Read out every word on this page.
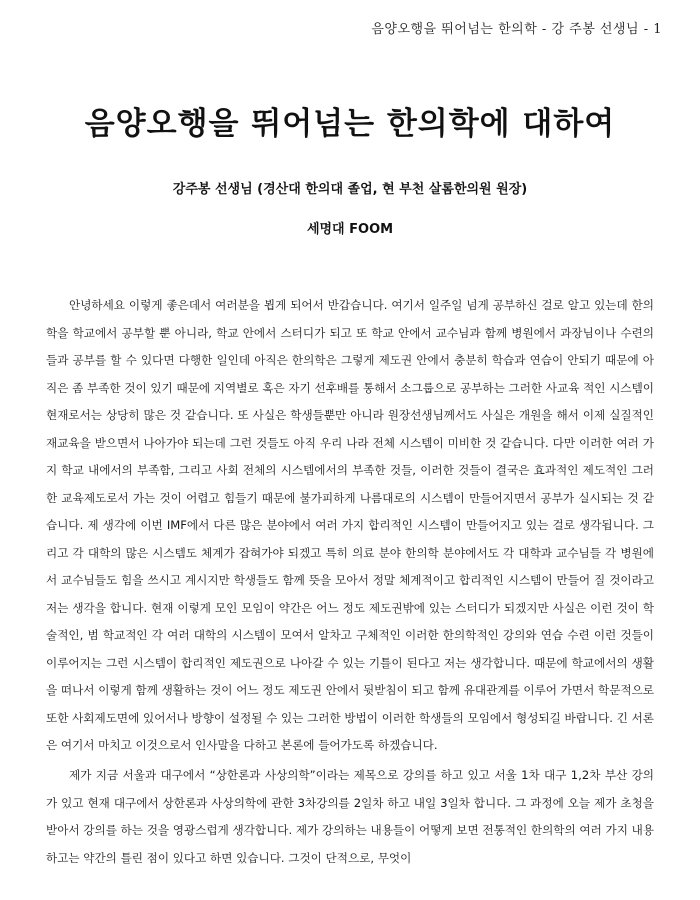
음양오행을 뛰어넘는 한의학 - 강 주봉 선생님 - 1
음양오행을 뛰어넘는 한의학에 대하여
강주봉 선생님 (경산대 한의대 졸업, 현 부천 살롬한의원 원장)
세명대 FOOM

안녕하세요 이렇게 좋은데서 여러분을 뵙게 되어서 반갑습니다. 여기서 일주일 넘게 공부하신 걸로 알고 있는데 한의학을 학교에서 공부할 뿐 아니라, 학교 안에서 스터디가 되고 또 학교 안에서 교수님과 함께 병원에서 과장님이나 수련의들과 공부를 할 수 있다면 다행한 일인데 아직은 한의학은 그렇게 제도권 안에서 충분히 학습과 연습이 안되기 때문에 아직은 좀 부족한 것이 있기 때문에 지역별로 혹은 자기 선후배를 통해서 소그룹으로 공부하는 그러한 사교육 적인 시스템이 현재로서는 상당히 많은 것 같습니다. 또 사실은 학생들뿐만 아니라 원장선생님께서도 사실은 개원을 해서 이제 실질적인 재교육을 받으면서 나아가야 되는데 그런 것들도 아직 우리 나라 전체 시스템이 미비한 것 같습니다. 다만 이러한 여러 가지 학교 내에서의 부족함, 그리고 사회 전체의 시스템에서의 부족한 것들, 이러한 것들이 결국은 효과적인 제도적인 그러한 교육제도로서 가는 것이 어렵고 힘들기 때문에 불가피하게 나름대로의 시스템이 만들어지면서 공부가 실시되는 것 같습니다. 제 생각에 이번 IMF에서 다른 많은 분야에서 여러 가지 합리적인 시스템이 만들어지고 있는 걸로 생각됩니다. 그리고 각 대학의 많은 시스템도 체계가 잡혀가야 되겠고 특히 의료 분야 한의학 분야에서도 각 대학과 교수님들 각 병원에서 교수님들도 힘을 쓰시고 계시지만 학생들도 함께 뜻을 모아서 정말 체계적이고 합리적인 시스템이 만들어 질 것이라고 저는 생각을 합니다. 현재 이렇게 모인 모임이 약간은 어느 정도 제도권밖에 있는 스터디가 되겠지만 사실은 이런 것이 학술적인, 범 학교적인 각 여러 대학의 시스템이 모여서 알차고 구체적인 이러한 한의학적인 강의와 연습 수련 이런 것들이 이루어지는 그런 시스템이 합리적인 제도권으로 나아갈 수 있는 기틀이 된다고 저는 생각합니다. 때문에 학교에서의 생활을 떠나서 이렇게 함께 생활하는 것이 어느 정도 제도권 안에서 뒷받침이 되고 함께 유대관계를 이루어 가면서 학문적으로 또한 사회제도면에 있어서나 방향이 설정될 수 있는 그러한 방법이 이러한 학생들의 모임에서 형성되길 바랍니다. 긴 서론은 여기서 마치고 이것으로서 인사말을 다하고 본론에 들어가도록 하겠습니다.

제가 지금 서울과 대구에서 “상한론과 사상의학”이라는 제목으로 강의를 하고 있고 서울 1차 대구 1,2차 부산 강의가 있고 현재 대구에서 상한론과 사상의학에 관한 3차강의를 2일차 하고 내일 3일차 합니다. 그 과정에 오늘 제가 초청을 받아서 강의를 하는 것을 영광스럽게 생각합니다. 제가 강의하는 내용들이 어떻게 보면 전통적인 한의학의 여러 가지 내용하고는 약간의 틀린 점이 있다고 하면 있습니다. 그것이 단적으로, 무엇이
